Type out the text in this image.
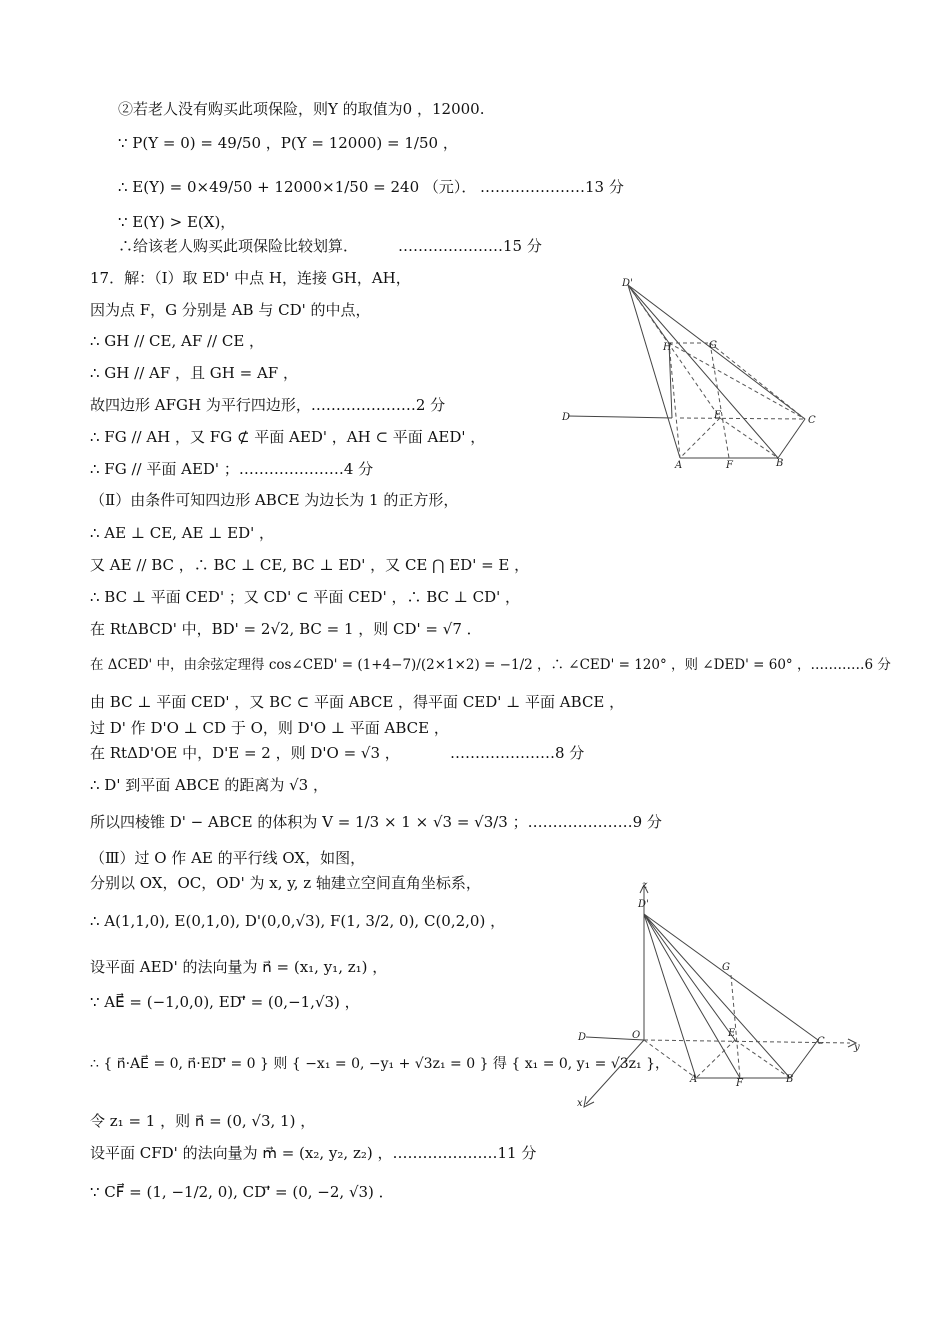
②若老人没有购买此项保险，则Y 的取值为0 ，12000.
∵ P(Y = 0) = 49/50 ，P(Y = 12000) = 1/50 ，
∴ E(Y) = 0×49/50 + 12000×1/50 = 240 （元）． …………………13 分
∵ E(Y) > E(X)，
∴给该老人购买此项保险比较划算．	…………………15 分
17．解：（Ⅰ）取 ED' 中点 H，连接 GH，AH，
因为点 F，G 分别是 AB 与 CD' 的中点，
∴ GH // CE, AF // CE ，
∴ GH // AF ，且 GH = AF ，
故四边形 AFGH 为平行四边形，…………………2 分
∴ FG // AH ，又 FG ⊄ 平面 AED' ，AH ⊂ 平面 AED' ，
∴ FG // 平面 AED' ；…………………4 分
（Ⅱ）由条件可知四边形 ABCE 为边长为 1 的正方形，
∴ AE ⊥ CE, AE ⊥ ED' ，
又 AE // BC ，∴ BC ⊥ CE, BC ⊥ ED' ，又 CE ⋂ ED' = E ，
∴ BC ⊥ 平面 CED' ；又 CD' ⊂ 平面 CED' ，∴ BC ⊥ CD' ，
在 RtΔBCD' 中，BD' = 2√2, BC = 1 ，则 CD' = √7 ．
在 ΔCED' 中，由余弦定理得 cos∠CED' = (1+4−7)/(2×1×2) = −1/2 ，∴ ∠CED' = 120° ，则 ∠DED' = 60° ，…………6 分
由 BC ⊥ 平面 CED' ，又 BC ⊂ 平面 ABCE ，得平面 CED' ⊥ 平面 ABCE ，
过 D' 作 D'O ⊥ CD 于 O，则 D'O ⊥ 平面 ABCE ，
在 RtΔD'OE 中，D'E = 2 ，则 D'O = √3 ，	…………………8 分
∴ D' 到平面 ABCE 的距离为 √3 ，
所以四棱锥 D' − ABCE 的体积为 V = 1/3 × 1 × √3 = √3/3 ；…………………9 分
（Ⅲ）过 O 作 AE 的平行线 OX，如图，
分别以 OX，OC，OD' 为 x, y, z 轴建立空间直角坐标系，
∴ A(1,1,0), E(0,1,0), D'(0,0,√3), F(1, 3/2, 0), C(0,2,0) ，
设平面 AED' 的法向量为 n⃗ = (x₁, y₁, z₁) ，
∵ AE⃗ = (−1,0,0), ED'⃗ = (0,−1,√3) ，
∴ { n⃗·AE⃗ = 0, n⃗·ED'⃗ = 0 } 则 { −x₁ = 0, −y₁ + √3z₁ = 0 } 得 { x₁ = 0, y₁ = √3z₁ }，
令 z₁ = 1 ，则 n⃗ = (0, √3, 1) ，
设平面 CFD' 的法向量为 m⃗ = (x₂, y₂, z₂) ，…………………11 分
∵ CF⃗ = (1, −1/2, 0), CD'⃗ = (0, −2, √3) ．
D'
H	G
D	E	C
A	F	B
z
D'
G
D	O	E
C
y
A	F	B
x
